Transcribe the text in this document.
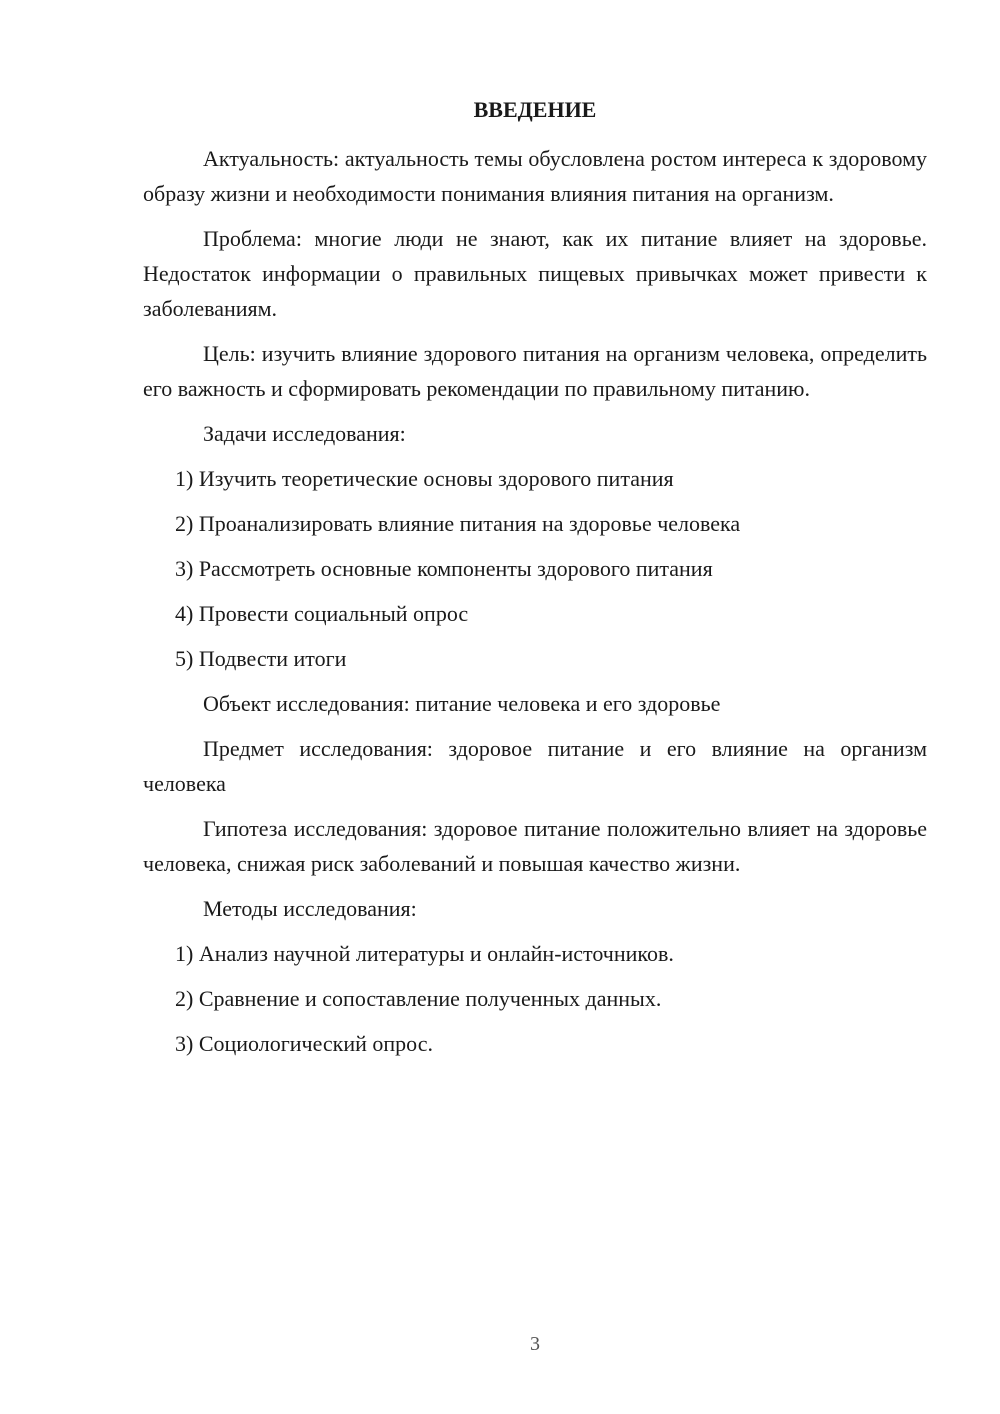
ВВЕДЕНИЕ

Актуальность: актуальность темы обусловлена ростом интереса к здоровому образу жизни и необходимости понимания влияния питания на организм.

Проблема: многие люди не знают, как их питание влияет на здоровье. Недостаток информации о правильных пищевых привычках может привести к заболеваниям.

Цель: изучить влияние здорового питания на организм человека, определить его важность и сформировать рекомендации по правильному питанию.

Задачи исследования:

1) Изучить теоретические основы здорового питания

2) Проанализировать влияние питания на здоровье человека

3) Рассмотреть основные компоненты здорового питания

4) Провести социальный опрос

5) Подвести итоги

Объект исследования: питание человека и его здоровье

Предмет исследования: здоровое питание и его влияние на организм человека

Гипотеза исследования: здоровое питание положительно влияет на здоровье человека, снижая риск заболеваний и повышая качество жизни.

Методы исследования:

1) Анализ научной литературы и онлайн-источников.

2) Сравнение и сопоставление полученных данных.

3) Социологический опрос.

3
